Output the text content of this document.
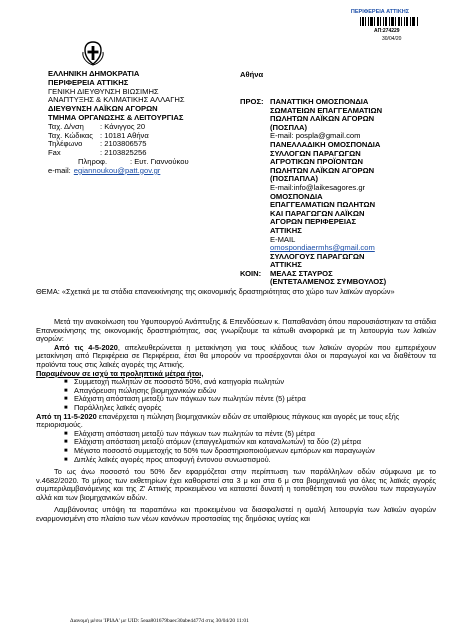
ΠΕΡΙΦΕΡΕΙΑ ΑΤΤΙΚΗΣ
ΑΠ:274229
30/04/20
ΕΛΛΗΝΙΚΗ ΔΗΜΟΚΡΑΤΙΑ
ΠΕΡΙΦΕΡΕΙΑ ΑΤΤΙΚΗΣ
ΓΕΝΙΚΗ ΔΙΕΥΘΥΝΣΗ ΒΙΩΣΙΜΗΣ
ΑΝΑΠΤΥΞΗΣ & ΚΛΙΜΑΤΙΚΗΣ ΑΛΛΑΓΗΣ
ΔΙΕΥΘΥΝΣΗ ΛΑΪΚΩΝ ΑΓΟΡΩΝ
ΤΜΗΜΑ ΟΡΓΑΝΩΣΗΣ & ΛΕΙΤΟΥΡΓΙΑΣ
Ταχ. Δ/νση	: Κάνιγγος 20
Ταχ. Κώδικας : 10181 Αθήνα
Τηλέφωνο	: 2103806575
Fax	: 2103825256
Πληροφ.	: Ευτ. Γιαννούκου
e-mail: egiannoukou@patt.gov.gr
Αθήνα
ΠΡΟΣ: ΠΑΝΑΤΤΙΚΗ ΟΜΟΣΠΟΝΔΙΑ
ΣΩΜΑΤΕΙΩΝ ΕΠΑΓΓΕΛΜΑΤΙΩΝ
ΠΩΛΗΤΩΝ ΛΑΪΚΩΝ ΑΓΟΡΩΝ
(ΠΟΣΠΛΑ)
E-mail: pospla@gmail.com
ΠΑΝΕΛΛΑΔΙΚΗ ΟΜΟΣΠΟΝΔΙΑ
ΣΥΛΛΟΓΩΝ ΠΑΡΑΓΩΓΩΝ
ΑΓΡΟΤΙΚΩΝ ΠΡΟΪΟΝΤΩΝ
ΠΩΛΗΤΩΝ ΛΑΪΚΩΝ ΑΓΟΡΩΝ
(ΠΟΣΠΑΠΛΑ)
E-mail:info@laikesagores.gr
ΟΜΟΣΠΟΝΔΙΑ
ΕΠΑΓΓΕΛΜΑΤΙΩΝ ΠΩΛΗΤΩΝ
ΚΑΙ ΠΑΡΑΓΩΓΩΝ ΛΑΪΚΩΝ
ΑΓΟΡΩΝ ΠΕΡΙΦΕΡΕΙΑΣ
ΑΤΤΙΚΗΣ
E-MAIL
omospondiaermhs@gmail.com
ΣΥΛΛΟΓΟΥΣ ΠΑΡΑΓΩΓΩΝ
ΑΤΤΙΚΗΣ
ΚΟΙΝ:	ΜΕΛΑΣ ΣΤΑΥΡΟΣ
(ΕΝΤΕΤΑΛΜΕΝΟΣ ΣΥΜΒΟΥΛΟΣ)
ΘΕΜΑ: «Σχετικά με τα στάδια επανεκκίνησης της οικονομικής δραστηριότητας στο χώρο των λαϊκών αγορών»

Μετά την ανακοίνωση του Υφυπουργού Ανάπτυξης & Επενδύσεων κ. Παπαθανάση όπου παρουσιάστηκαν τα στάδια Επανεκκίνησης της οικονομικής δραστηριότητας, σας γνωρίζουμε τα κάτωθι αναφορικά με τη λειτουργία των λαϊκών αγορών:

Από τις 4-5-2020, απελευθερώνεται η μετακίνηση για τους κλάδους των λαϊκών αγορών που εμπεριέχουν μετακίνηση από Περιφέρεια σε Περιφέρεια, έτσι θα μπορούν να προσέρχονται όλοι οι παραγωγοί και να διαθέτουν τα προϊόντα τους στις λαϊκές αγορές της Αττικής.

Παραμένουν σε ισχύ τα προληπτικά μέτρα ήτοι,

■ Συμμετοχή πωλητών σε ποσοστό 50%, ανά κατηγορία πωλητών
■ Απαγόρευση πώλησης βιομηχανικών ειδών
■ Ελάχιστη απόσταση μεταξύ των πάγκων των πωλητών πέντε (5) μέτρα
■ Παράλληλες λαϊκές αγορές

Από τη 11-5-2020 επανέρχεται η πώληση βιομηχανικών ειδών σε υπαίθριους πάγκους και αγορές με τους εξής περιορισμούς.

■ Ελάχιστη απόσταση μεταξύ των πάγκων των πωλητών τα πέντε (5) μέτρα
■ Ελάχιστη απόσταση μεταξύ ατόμων (επαγγελματιών και καταναλωτών) τα δύο (2) μέτρα
■ Μέγιστο ποσοστό συμμετοχής το 50% των δραστηριοποιούμενων εμπόρων και παραγωγών
■ Διπλές λαϊκές αγορές προς αποφυγή έντονου συνωστισμού.

Το ως άνω ποσοστό του 50% δεν εφαρμόζεται στην περίπτωση των παράλληλων οδών σύμφωνα με το ν.4682/2020. Το μήκος των εκθετηρίων έχει καθοριστεί στα 3 μ και στα 6 μ στα βιομηχανικά για όλες τις λαϊκές αγορές συμπεριλαμβανόμενης και της Ζ' Αττικής προκειμένου να καταστεί δυνατή η τοποθέτηση του συνόλου των παραγωγών αλλά και των βιομηχανικών ειδών.

Λαμβάνοντας υπόψη τα παραπάνω και προκειμένου να διασφαλιστεί η ομαλή λειτουργία των λαϊκών αγορών εναρμονισμένη στο πλαίσιο των νέων κανόνων προστασίας της δημόσιας υγείας και

Διανομή μέσω 'ΙΡΙΔΑ' με UID: 5eaa801679baec30abe4477d στις 30/04/20 11:01
